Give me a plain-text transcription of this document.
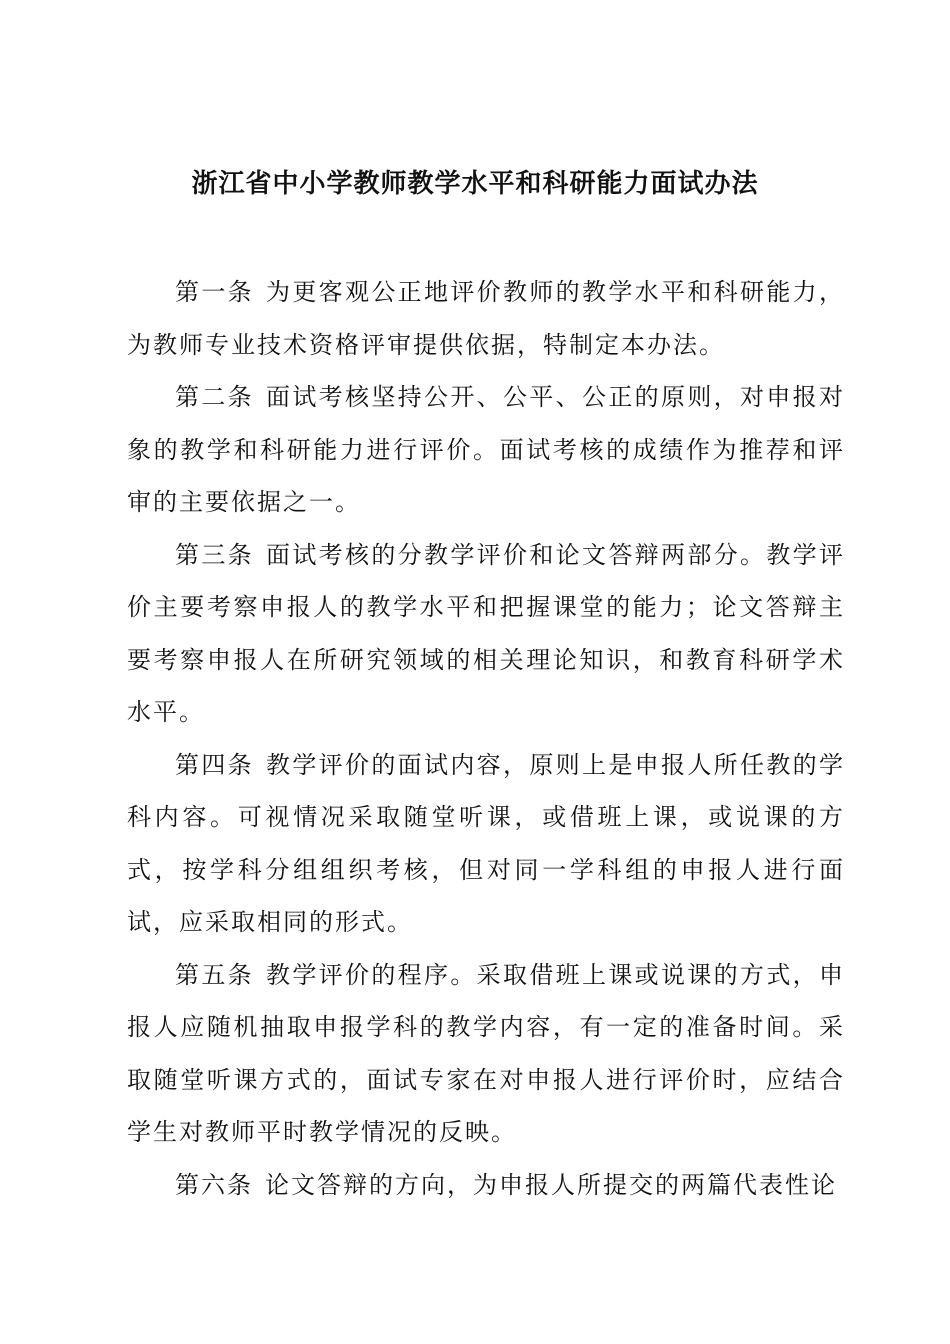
浙江省中小学教师教学水平和科研能力面试办法

第一条 为更客观公正地评价教师的教学水平和科研能力，为教师专业技术资格评审提供依据，特制定本办法。

第二条 面试考核坚持公开、公平、公正的原则，对申报对象的教学和科研能力进行评价。面试考核的成绩作为推荐和评审的主要依据之一。

第三条 面试考核的分教学评价和论文答辩两部分。教学评价主要考察申报人的教学水平和把握课堂的能力；论文答辩主要考察申报人在所研究领域的相关理论知识，和教育科研学术水平。

第四条 教学评价的面试内容，原则上是申报人所任教的学科内容。可视情况采取随堂听课，或借班上课，或说课的方式，按学科分组组织考核，但对同一学科组的申报人进行面试，应采取相同的形式。

第五条 教学评价的程序。采取借班上课或说课的方式，申报人应随机抽取申报学科的教学内容，有一定的准备时间。采取随堂听课方式的，面试专家在对申报人进行评价时，应结合学生对教师平时教学情况的反映。

第六条 论文答辩的方向，为申报人所提交的两篇代表性论
